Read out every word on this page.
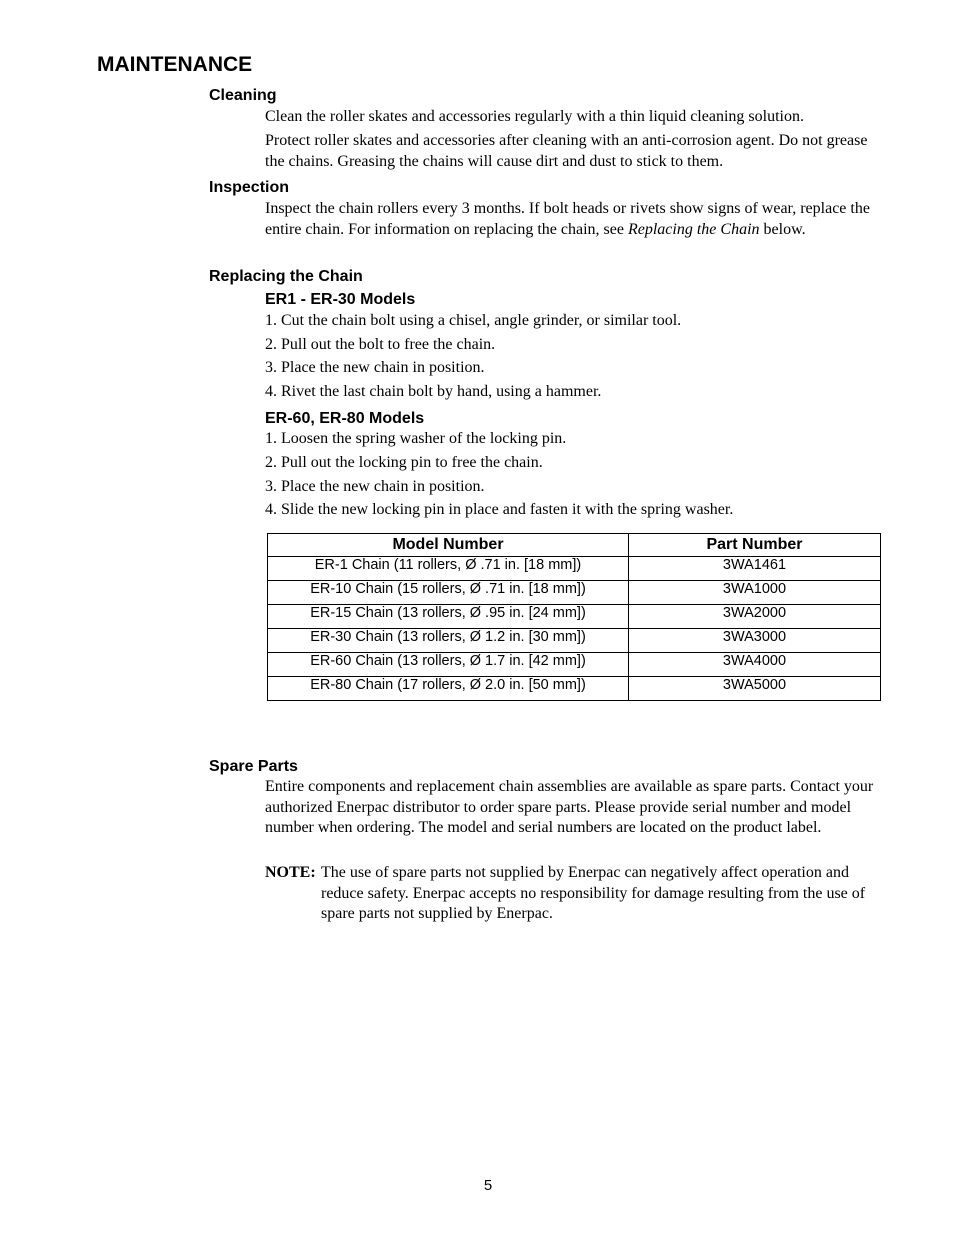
MAINTENANCE
Cleaning
Clean the roller skates and accessories regularly with a thin liquid cleaning solution.
Protect roller skates and accessories after cleaning with an anti-corrosion agent. Do not grease the chains. Greasing the chains will cause dirt and dust to stick to them.
Inspection
Inspect the chain rollers every 3 months. If bolt heads or rivets show signs of wear, replace the entire chain. For information on replacing the chain, see Replacing the Chain below.
Replacing the Chain
ER1 - ER-30 Models
1. Cut the chain bolt using a chisel, angle grinder, or similar tool.
2. Pull out the bolt to free the chain.
3. Place the new chain in position.
4. Rivet the last chain bolt by hand, using a hammer.
ER-60, ER-80 Models
1. Loosen the spring washer of the locking pin.
2. Pull out the locking pin to free the chain.
3. Place the new chain in position.
4. Slide the new locking pin in place and fasten it with the spring washer.
Model Number	Part Number
ER-1 Chain (11 rollers, Ø .71 in. [18 mm])	3WA1461
ER-10 Chain (15 rollers, Ø .71 in. [18 mm])	3WA1000
ER-15 Chain (13 rollers, Ø .95 in. [24 mm])	3WA2000
ER-30 Chain (13 rollers, Ø 1.2 in. [30 mm])	3WA3000
ER-60 Chain (13 rollers, Ø 1.7 in. [42 mm])	3WA4000
ER-80 Chain (17 rollers, Ø 2.0 in. [50 mm])	3WA5000
Spare Parts
Entire components and replacement chain assemblies are available as spare parts. Contact your authorized Enerpac distributor to order spare parts. Please provide serial number and model number when ordering. The model and serial numbers are located on the product label.
NOTE: The use of spare parts not supplied by Enerpac can negatively affect operation and reduce safety. Enerpac accepts no responsibility for damage resulting from the use of spare parts not supplied by Enerpac.
5
